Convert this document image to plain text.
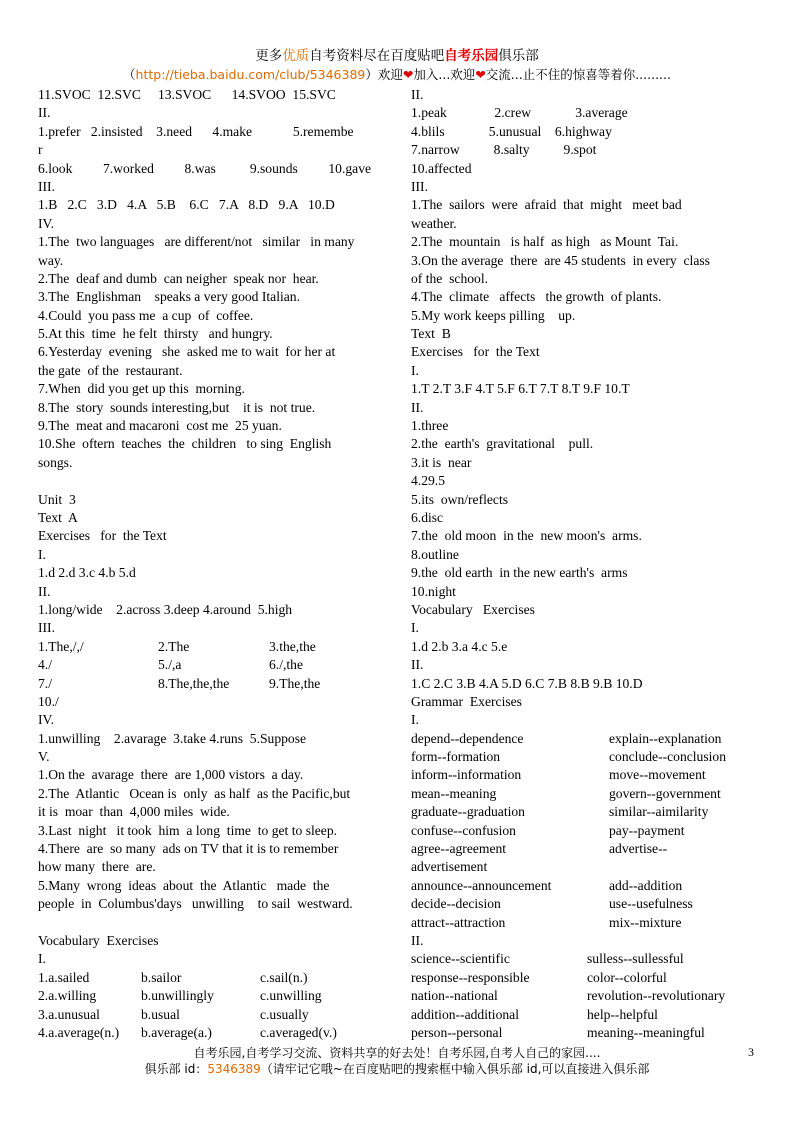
更多优质自考资料尽在百度贴吧自考乐园俱乐部
（http://tieba.baidu.com/club/5346389）欢迎❤加入...欢迎❤交流...止不住的惊喜等着你.........
11.SVOC  12.SVC     13.SVOC      14.SVOO  15.SVC
II.
1.prefer   2.insisted    3.need      4.make            5.remembe
r
6.look         7.worked         8.was          9.sounds         10.gave
III.
1.B   2.C   3.D   4.A   5.B    6.C   7.A   8.D   9.A   10.D
IV.
1.The  two languages   are different/not   similar   in many
way.
2.The  deaf and dumb  can neigher  speak nor  hear.
3.The  Englishman    speaks a very good Italian.
4.Could  you pass me  a cup  of  coffee.
5.At this  time  he felt  thirsty   and hungry.
6.Yesterday  evening   she  asked me to wait  for her at
the gate  of the  restaurant.
7.When  did you get up this  morning.
8.The  story  sounds interesting,but    it is  not true.
9.The  meat and macaroni  cost me  25 yuan.
10.She  oftern  teaches  the  children   to sing  English
songs.
Unit  3
Text  A
Exercises   for  the Text
I.
1.d 2.d 3.c 4.b 5.d
II.
1.long/wide    2.across 3.deep 4.around  5.high
III.
1.The,/,/	2.The	3.the,the
4./	5./,a	6./,the
7./	8.The,the,the	9.The,the
10./
IV.
1.unwilling    2.avarage  3.take 4.runs  5.Suppose
V.
1.On the  avarage  there  are 1,000 vistors  a day.
2.The  Atlantic   Ocean is  only  as half  as the Pacific,but
it is  moar  than  4,000 miles  wide.
3.Last  night   it took  him  a long  time  to get to sleep.
4.There  are  so many  ads on TV that it is to remember
how many  there  are.
5.Many  wrong  ideas  about  the  Atlantic   made  the
people  in  Columbus'days   unwilling    to sail  westward.
Vocabulary  Exercises
I.
1.a.sailed	b.sailor	c.sail(n.)
2.a.willing	b.unwillingly	c.unwilling
3.a.unusual	b.usual	c.usually
4.a.average(n.) b.average(a.)	c.averaged(v.)
II.
1.peak              2.crew             3.average
4.blils             5.unusual    6.highway
7.narrow          8.salty          9.spot
10.affected
III.
1.The  sailors  were  afraid  that  might   meet bad
weather.
2.The  mountain   is half  as high   as Mount  Tai.
3.On the average  there  are 45 students  in every  class
of the  school.
4.The  climate   affects   the growth  of plants.
5.My work keeps pilling    up.
Text  B
Exercises   for  the Text
I.
1.T 2.T 3.F 4.T 5.F 6.T 7.T 8.T 9.F 10.T
II.
1.three
2.the  earth's  gravitational    pull.
3.it is  near
4.29.5
5.its  own/reflects
6.disc
7.the  old moon  in the  new moon's  arms.
8.outline
9.the  old earth  in the new earth's  arms
10.night
Vocabulary   Exercises
I.
1.d 2.b 3.a 4.c 5.e
II.
1.C 2.C 3.B 4.A 5.D 6.C 7.B 8.B 9.B 10.D
Grammar  Exercises
I.
depend--dependence	explain--explanation
form--formation	conclude--conclusion
inform--information	move--movement
mean--meaning	govern--government
graduate--graduation	similar--aimilarity
confuse--confusion	pay--payment
agree--agreement	advertise--
advertisement
announce--announcement	add--addition
decide--decision	use--usefulness
attract--attraction	mix--mixture
II.
science--scientific	sulless--sullessful
response--responsible	color--colorful
nation--national	revolution--revolutionary
addition--additional	help--helpful
person--personal	meaning--meaningful
自考乐园,自考学习交流、资料共享的好去处！自考乐园,自考人自己的家园....
俱乐部 id：5346389（请牢记它哦~在百度贴吧的搜索框中输入俱乐部 id,可以直接进入俱乐部
3
